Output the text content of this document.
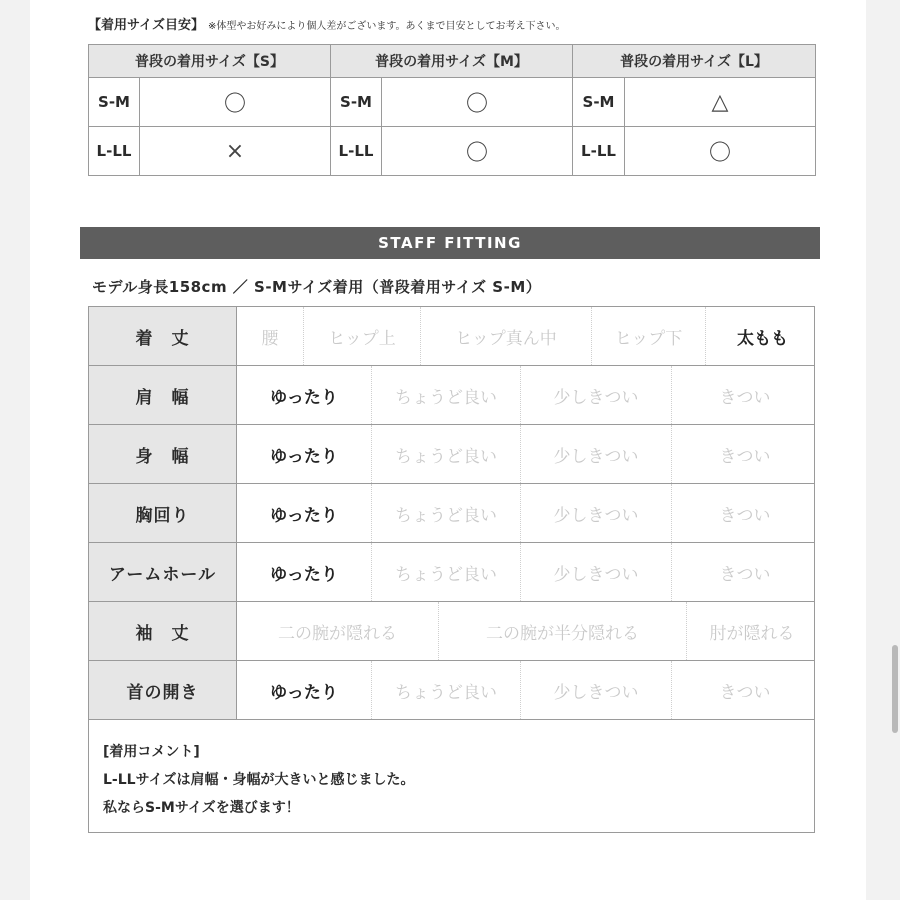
【着用サイズ目安】 ※体型やお好みにより個人差がございます。あくまで目安としてお考え下さい。
普段の着用サイズ【S】		普段の着用サイズ【M】		普段の着用サイズ【L】	
S-M	〇	S-M	〇	S-M	△
L-LL	×	L-LL	〇	L-LL	〇
STAFF FITTING
モデル身長158cm ／ S-Mサイズ着用（普段着用サイズ S-M）
着　丈	腰	ヒップ上	ヒップ真ん中	ヒップ下	太もも
肩　幅	ゆったり	ちょうど良い	少しきつい	きつい
身　幅	ゆったり	ちょうど良い	少しきつい	きつい
胸回り	ゆったり	ちょうど良い	少しきつい	きつい
アームホール	ゆったり	ちょうど良い	少しきつい	きつい
袖　丈	二の腕が隠れる	二の腕が半分隠れる	肘が隠れる
首の開き	ゆったり	ちょうど良い	少しきつい	きつい
[着用コメント]
L-LLサイズは肩幅・身幅が大きいと感じました。
私ならS-Mサイズを選びます！
